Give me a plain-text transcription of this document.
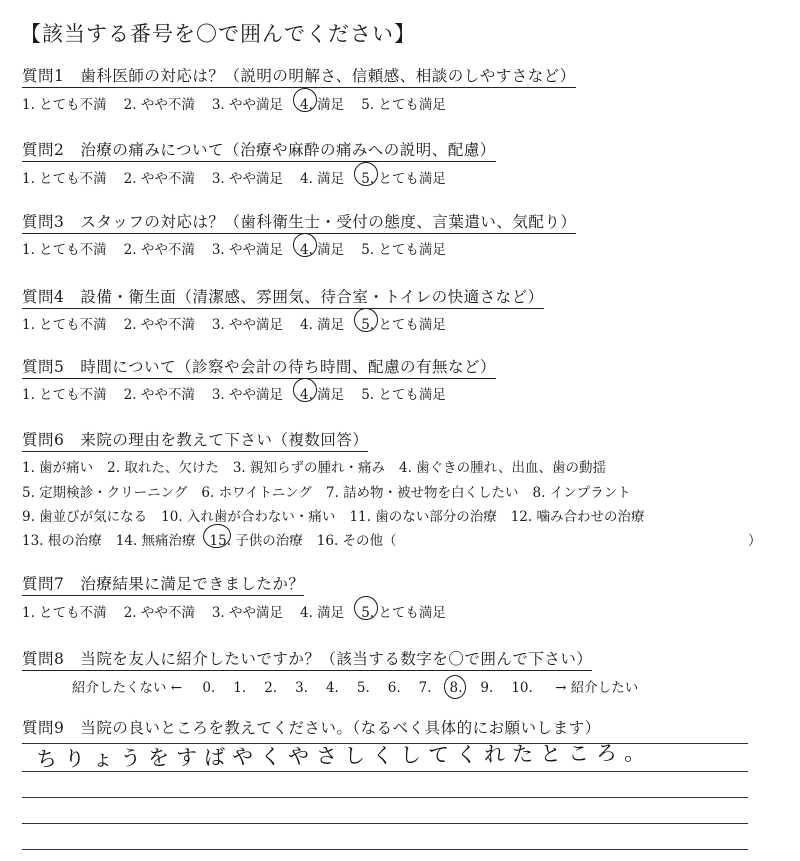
【該当する番号を〇で囲んでください】
質問1　歯科医師の対応は？（説明の明解さ、信頼感、相談のしやすさなど）
1. とても不満 2. やや不満 3. やや満足 4. 満足 5. とても満足
質問2　治療の痛みについて（治療や麻酔の痛みへの説明、配慮）
1. とても不満 2. やや不満 3. やや満足 4. 満足 5. とても満足
質問3　スタッフの対応は？（歯科衛生士・受付の態度、言葉遣い、気配り）
1. とても不満 2. やや不満 3. やや満足 4. 満足 5. とても満足
質問4　設備・衛生面（清潔感、雰囲気、待合室・トイレの快適さなど）
1. とても不満 2. やや不満 3. やや満足 4. 満足 5. とても満足
質問5　時間について（診察や会計の待ち時間、配慮の有無など）
1. とても不満 2. やや不満 3. やや満足 4. 満足 5. とても満足
質問6　来院の理由を教えて下さい（複数回答）
1. 歯が痛い 2. 取れた、欠けた 3. 親知らずの腫れ・痛み 4. 歯ぐきの腫れ、出血、歯の動揺
5. 定期検診・クリーニング 6. ホワイトニング 7. 詰め物・被せ物を白くしたい 8. インプラント
9. 歯並びが気になる 10. 入れ歯が合わない・痛い 11. 歯のない部分の治療 12. 噛み合わせの治療
13. 根の治療 14. 無痛治療 15. 子供の治療 16. その他（	）
質問7　治療結果に満足できましたか？
1. とても不満 2. やや不満 3. やや満足 4. 満足 5. とても満足
質問8　当院を友人に紹介したいですか？（該当する数字を〇で囲んで下さい）
紹介したくない ← 0. 1. 2. 3. 4. 5. 6. 7. 8. 9. 10. → 紹介したい
質問9　当院の良いところを教えてください。（なるべく具体的にお願いします）
ちりょうをすばやくやさしくしてくれたところ。
